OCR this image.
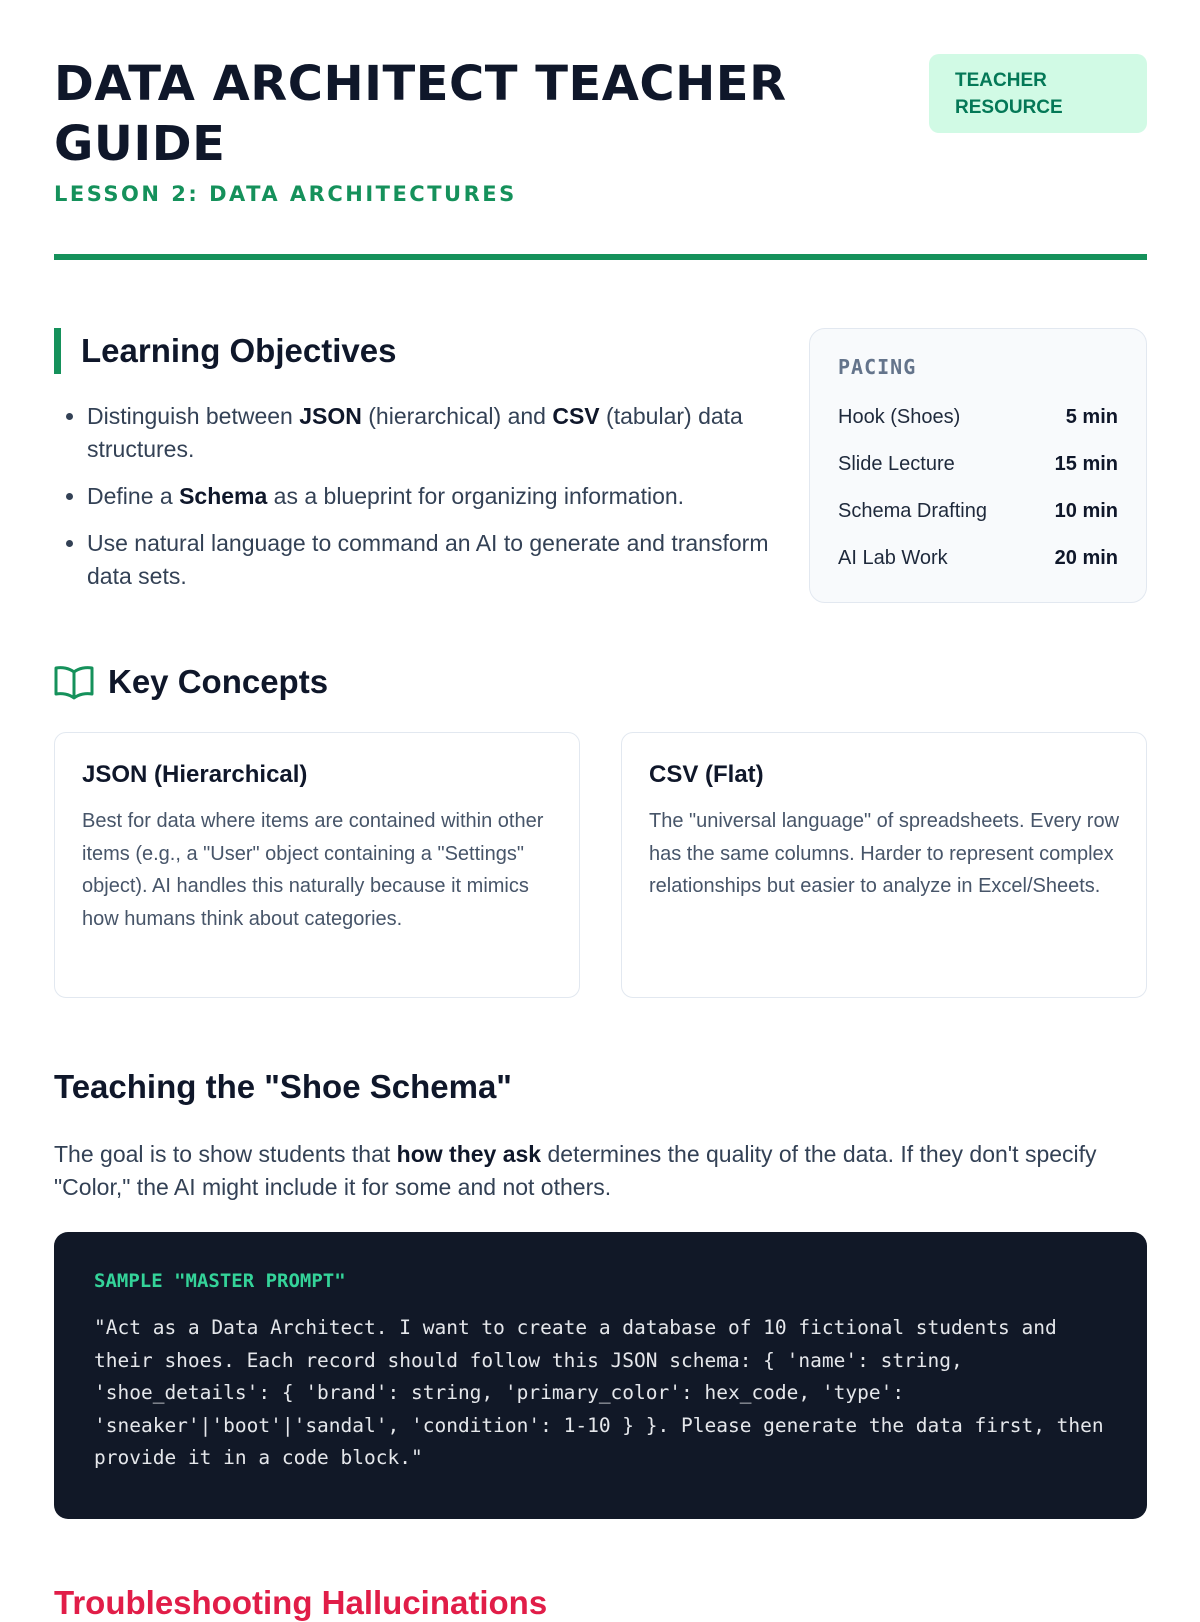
DATA ARCHITECT TEACHER GUIDE
LESSON 2: DATA ARCHITECTURES
TEACHER RESOURCE
Learning Objectives
• Distinguish between JSON (hierarchical) and CSV (tabular) data structures.
• Define a Schema as a blueprint for organizing information.
• Use natural language to command an AI to generate and transform data sets.
PACING
Hook (Shoes)	5 min
Slide Lecture	15 min
Schema Drafting	10 min
AI Lab Work	20 min
Key Concepts
JSON (Hierarchical)
Best for data where items are contained within other items (e.g., a "User" object containing a "Settings" object). AI handles this naturally because it mimics how humans think about categories.
CSV (Flat)
The "universal language" of spreadsheets. Every row has the same columns. Harder to represent complex relationships but easier to analyze in Excel/Sheets.
Teaching the "Shoe Schema"

The goal is to show students that how they ask determines the quality of the data. If they don't specify "Color," the AI might include it for some and not others.

SAMPLE "MASTER PROMPT"
"Act as a Data Architect. I want to create a database of 10 fictional students and their shoes. Each record should follow this JSON schema: { 'name': string, 'shoe_details': { 'brand': string, 'primary_color': hex_code, 'type': 'sneaker'|'boot'|'sandal', 'condition': 1-10 } }. Please generate the data first, then provide it in a code block."
Troubleshooting Hallucinations
